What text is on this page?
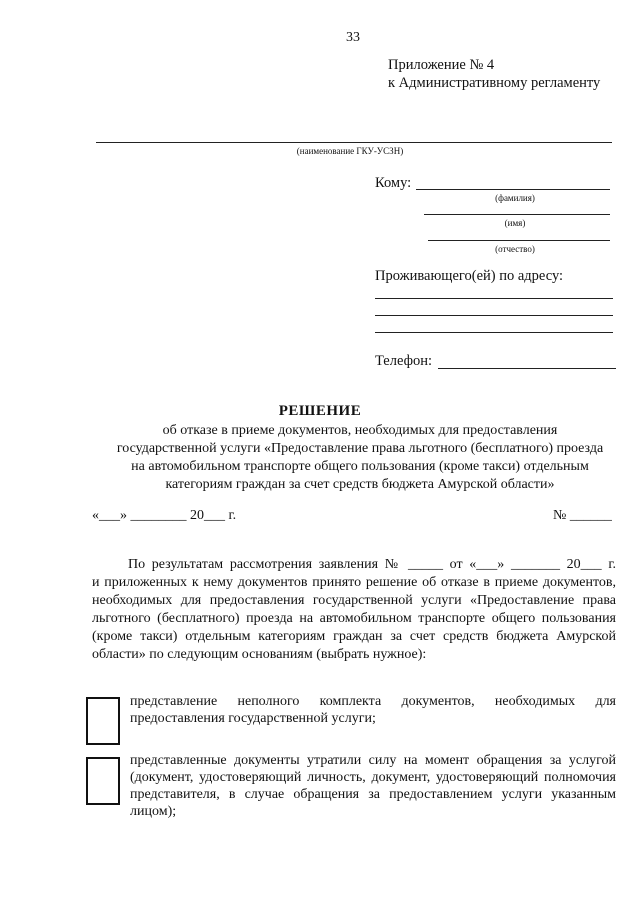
33
Приложение № 4
к Административному регламенту
(наименование ГКУ-УСЗН)
Кому:
(фамилия)
(имя)
(отчество)
Проживающего(ей) по адресу:
Телефон:
РЕШЕНИЕ
об отказе в приеме документов, необходимых для предоставления
государственной услуги «Предоставление права льготного (бесплатного) проезда
на автомобильном транспорте общего пользования (кроме такси) отдельным
категориям граждан за счет средств бюджета Амурской области»
«___» ________ 20___ г.	№ ______
По результатам рассмотрения заявления № _____ от «___» _______ 20___ г.
и приложенных к нему документов принято решение об отказе в приеме документов, необходимых для предоставления государственной услуги «Предоставление права льготного (бесплатного) проезда на автомобильном транспорте общего пользования (кроме такси) отдельным категориям граждан за счет средств бюджета Амурской области» по следующим основаниям (выбрать нужное):
представление неполного комплекта документов, необходимых для предоставления государственной услуги;
представленные документы утратили силу на момент обращения за услугой (документ, удостоверяющий личность, документ, удостоверяющий полномочия представителя, в случае обращения за предоставлением услуги указанным лицом);
